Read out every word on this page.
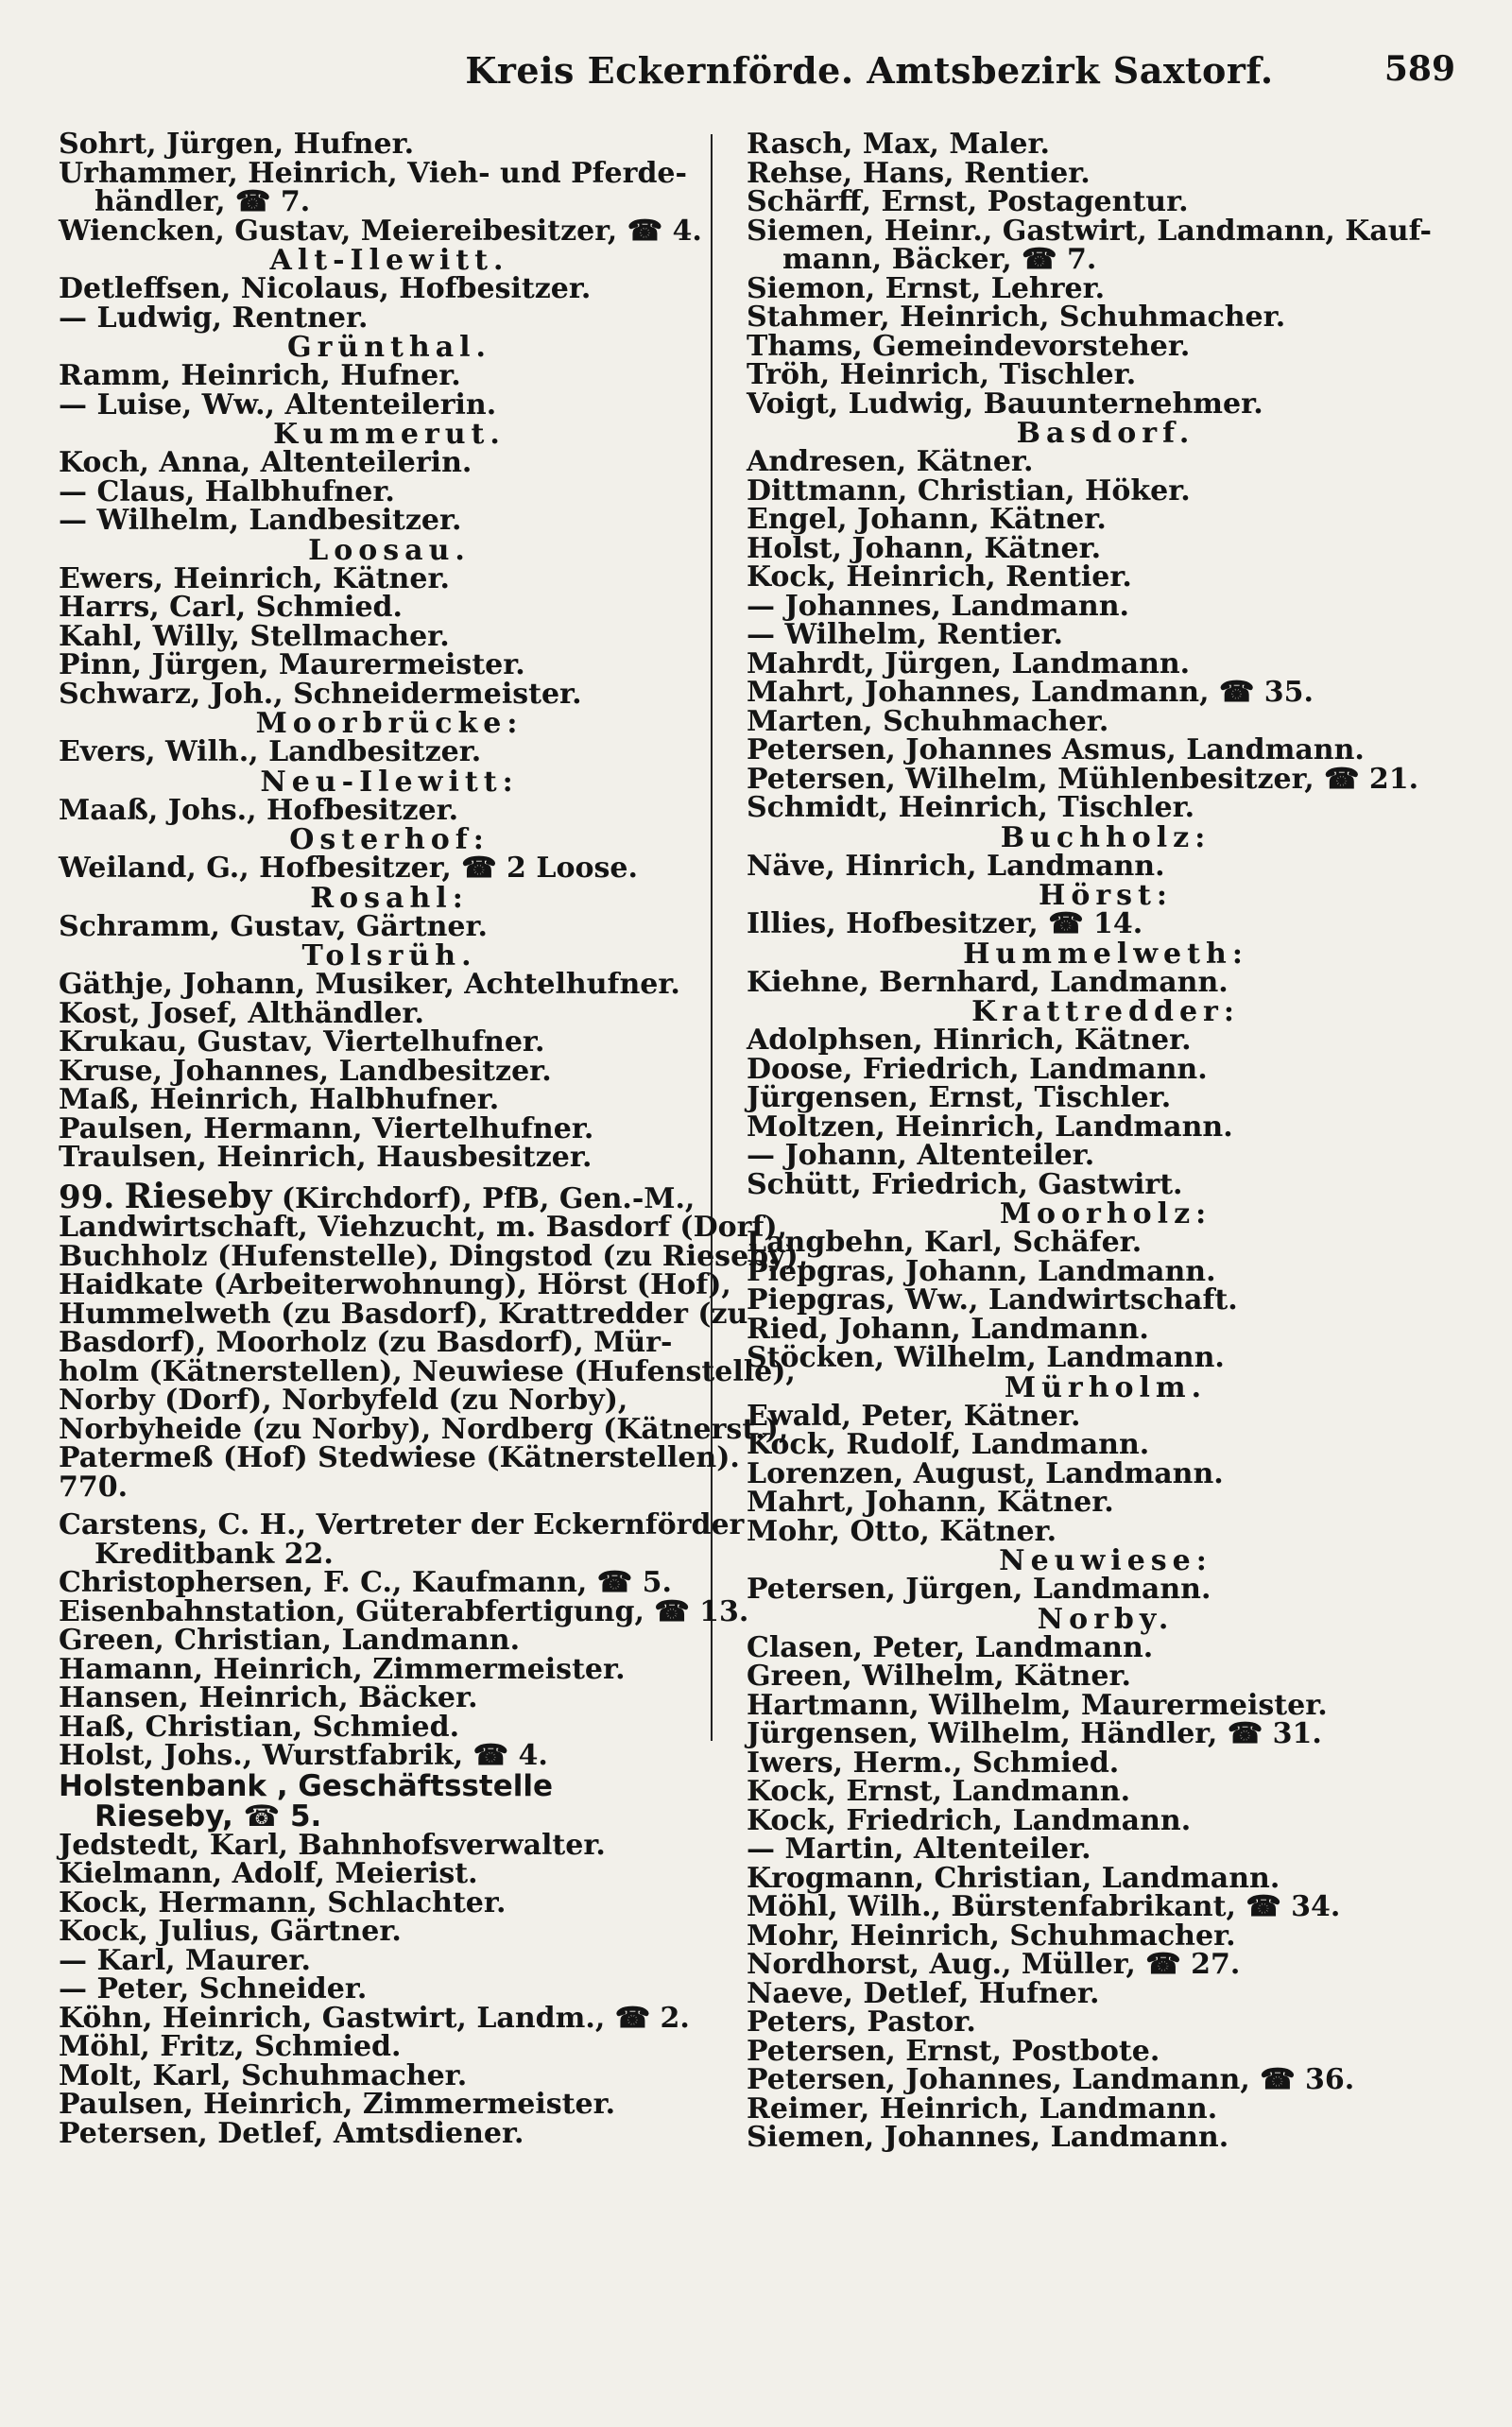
Kreis Eckernförde. Amtsbezirk Saxtorf.	589

Sohrt, Jürgen, Hufner.

Urhammer, Heinrich, Vieh- und Pferde-

händler, ☎ 7.

Wiencken, Gustav, Meiereibesitzer, ☎ 4.

Alt-Ilewitt.

Detleffsen, Nicolaus, Hofbesitzer.

— Ludwig, Rentner.

Grünthal.

Ramm, Heinrich, Hufner.

— Luise, Ww., Altenteilerin.

Kummerut.

Koch, Anna, Altenteilerin.

— Claus, Halbhufner.

— Wilhelm, Landbesitzer.

Loosau.

Ewers, Heinrich, Kätner.

Harrs, Carl, Schmied.

Kahl, Willy, Stellmacher.

Pinn, Jürgen, Maurermeister.

Schwarz, Joh., Schneidermeister.

Moorbrücke:

Evers, Wilh., Landbesitzer.

Neu-Ilewitt:

Maaß, Johs., Hofbesitzer.

Osterhof:

Weiland, G., Hofbesitzer, ☎ 2 Loose.

Rosahl:

Schramm, Gustav, Gärtner.

Tolsrüh.

Gäthje, Johann, Musiker, Achtelhufner.

Kost, Josef, Althändler.

Krukau, Gustav, Viertelhufner.

Kruse, Johannes, Landbesitzer.

Maß, Heinrich, Halbhufner.

Paulsen, Hermann, Viertelhufner.

Traulsen, Heinrich, Hausbesitzer.

99. Rieseby (Kirchdorf), PfB, Gen.-M.,
Landwirtschaft, Viehzucht, m. Basdorf (Dorf),
Buchholz (Hufenstelle), Dingstod (zu Rieseby),
Haidkate (Arbeiterwohnung), Hörst (Hof),
Hummelweth (zu Basdorf), Krattredder (zu
Basdorf), Moorholz (zu Basdorf), Mür-
holm (Kätnerstellen), Neuwiese (Hufenstelle),
Norby (Dorf), Norbyfeld (zu Norby),
Norbyheide (zu Norby), Nordberg (Kätnerst.),
Patermeß (Hof) Stedwiese (Kätnerstellen).
770.

Carstens, C. H., Vertreter der Eckernförder

Kreditbank 22.

Christophersen, F. C., Kaufmann, ☎ 5.

Eisenbahnstation, Güterabfertigung, ☎ 13.

Green, Christian, Landmann.

Hamann, Heinrich, Zimmermeister.

Hansen, Heinrich, Bäcker.

Haß, Christian, Schmied.

Holst, Johs., Wurstfabrik, ☎ 4.

Holstenbank , Geschäftsstelle
Rieseby, ☎ 5.

Jedstedt, Karl, Bahnhofsverwalter.

Kielmann, Adolf, Meierist.

Kock, Hermann, Schlachter.

Kock, Julius, Gärtner.

— Karl, Maurer.

— Peter, Schneider.

Köhn, Heinrich, Gastwirt, Landm., ☎ 2.

Möhl, Fritz, Schmied.

Molt, Karl, Schuhmacher.

Paulsen, Heinrich, Zimmermeister.

Petersen, Detlef, Amtsdiener.

Rasch, Max, Maler.

Rehse, Hans, Rentier.

Schärff, Ernst, Postagentur.

Siemen, Heinr., Gastwirt, Landmann, Kauf-

mann, Bäcker, ☎ 7.

Siemon, Ernst, Lehrer.

Stahmer, Heinrich, Schuhmacher.

Thams, Gemeindevorsteher.

Tröh, Heinrich, Tischler.

Voigt, Ludwig, Bauunternehmer.

Basdorf.

Andresen, Kätner.

Dittmann, Christian, Höker.

Engel, Johann, Kätner.

Holst, Johann, Kätner.

Kock, Heinrich, Rentier.

— Johannes, Landmann.

— Wilhelm, Rentier.

Mahrdt, Jürgen, Landmann.

Mahrt, Johannes, Landmann, ☎ 35.

Marten, Schuhmacher.

Petersen, Johannes Asmus, Landmann.

Petersen, Wilhelm, Mühlenbesitzer, ☎ 21.

Schmidt, Heinrich, Tischler.

Buchholz:

Näve, Hinrich, Landmann.

Hörst:

Illies, Hofbesitzer, ☎ 14.

Hummelweth:

Kiehne, Bernhard, Landmann.

Krattredder:

Adolphsen, Hinrich, Kätner.

Doose, Friedrich, Landmann.

Jürgensen, Ernst, Tischler.

Moltzen, Heinrich, Landmann.

— Johann, Altenteiler.

Schütt, Friedrich, Gastwirt.

Moorholz:

Langbehn, Karl, Schäfer.

Piepgras, Johann, Landmann.

Piepgras, Ww., Landwirtschaft.

Ried, Johann, Landmann.

Stöcken, Wilhelm, Landmann.

Mürholm.

Ewald, Peter, Kätner.

Kock, Rudolf, Landmann.

Lorenzen, August, Landmann.

Mahrt, Johann, Kätner.

Mohr, Otto, Kätner.

Neuwiese:

Petersen, Jürgen, Landmann.

Norby.

Clasen, Peter, Landmann.

Green, Wilhelm, Kätner.

Hartmann, Wilhelm, Maurermeister.

Jürgensen, Wilhelm, Händler, ☎ 31.

Iwers, Herm., Schmied.

Kock, Ernst, Landmann.

Kock, Friedrich, Landmann.

— Martin, Altenteiler.

Krogmann, Christian, Landmann.

Möhl, Wilh., Bürstenfabrikant, ☎ 34.

Mohr, Heinrich, Schuhmacher.

Nordhorst, Aug., Müller, ☎ 27.

Naeve, Detlef, Hufner.

Peters, Pastor.

Petersen, Ernst, Postbote.

Petersen, Johannes, Landmann, ☎ 36.

Reimer, Heinrich, Landmann.

Siemen, Johannes, Landmann.
